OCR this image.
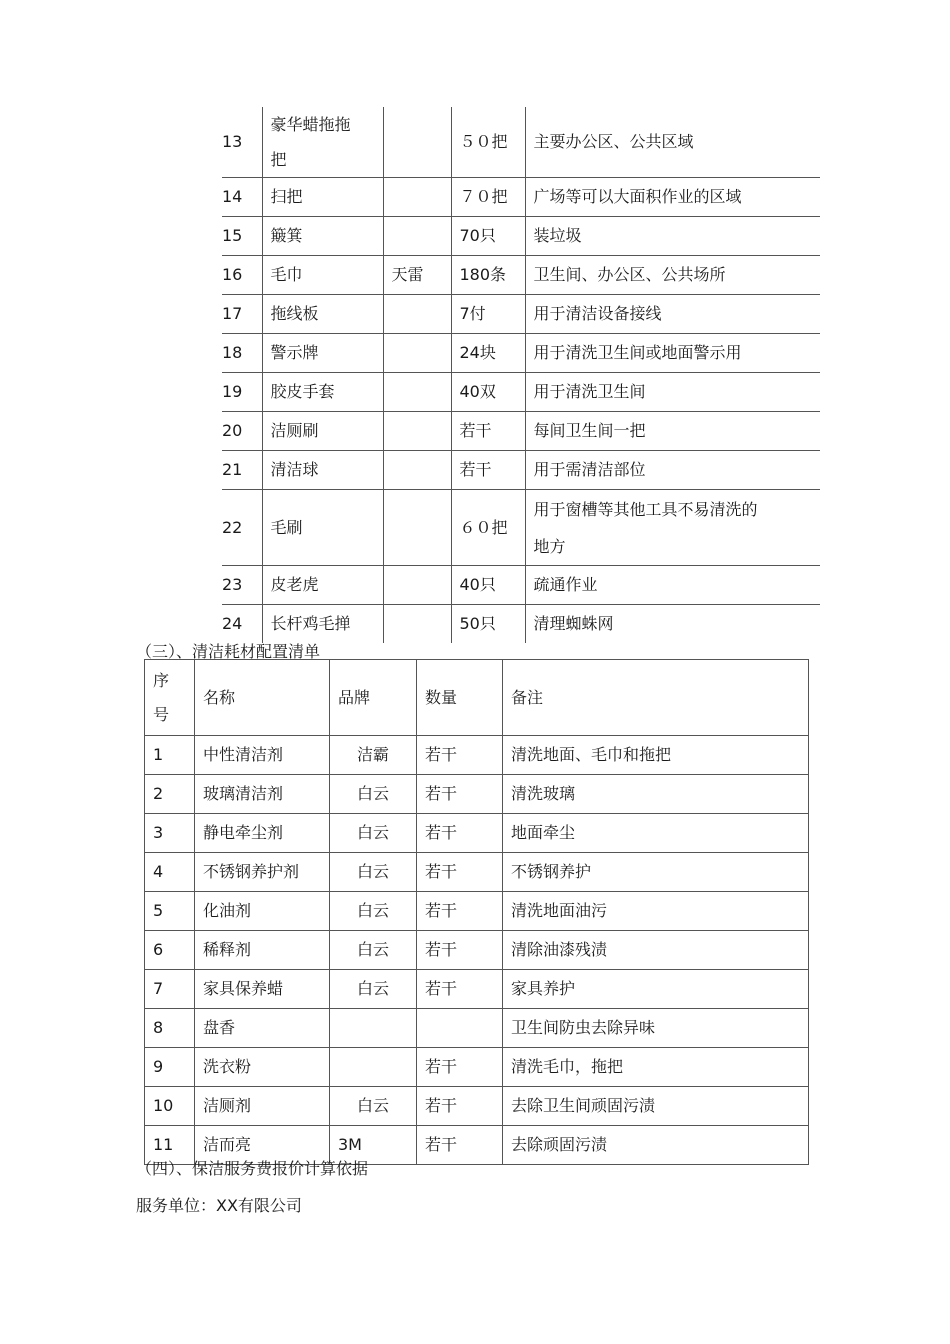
13	豪华蜡拖拖
把		５０把	主要办公区、公共区域

14	扫把		７０把	广场等可以大面积作业的区域

15	簸箕		70只	装垃圾

16	毛巾	天雷	180条	卫生间、办公区、公共场所

17	拖线板		7付	用于清洁设备接线

18	警示牌		24块	用于清洗卫生间或地面警示用

19	胶皮手套		40双	用于清洗卫生间

20	洁厕刷		若干	每间卫生间一把

21	清洁球		若干	用于需清洁部位

22	毛刷		６０把	用于窗槽等其他工具不易清洗的
地方

23	皮老虎		40只	疏通作业

24	长杆鸡毛掸		50只	清理蜘蛛网
（三）、清洁耗材配置清单
序
号	名称	品牌	数量	备注
1	中性清洁剂	洁霸	若干	清洗地面、毛巾和拖把
2	玻璃清洁剂	白云	若干	清洗玻璃
3	静电牵尘剂	白云	若干	地面牵尘
4	不锈钢养护剂	白云	若干	不锈钢养护
5	化油剂	白云	若干	清洗地面油污
6	稀释剂	白云	若干	清除油漆残渍
7	家具保养蜡	白云	若干	家具养护
8	盘香			卫生间防虫去除异味
9	洗衣粉		若干	清洗毛巾，拖把
10	洁厕剂	白云	若干	去除卫生间顽固污渍
11	洁而亮	3M	若干	去除顽固污渍
（四）、保洁服务费报价计算依据
服务单位：XX有限公司
